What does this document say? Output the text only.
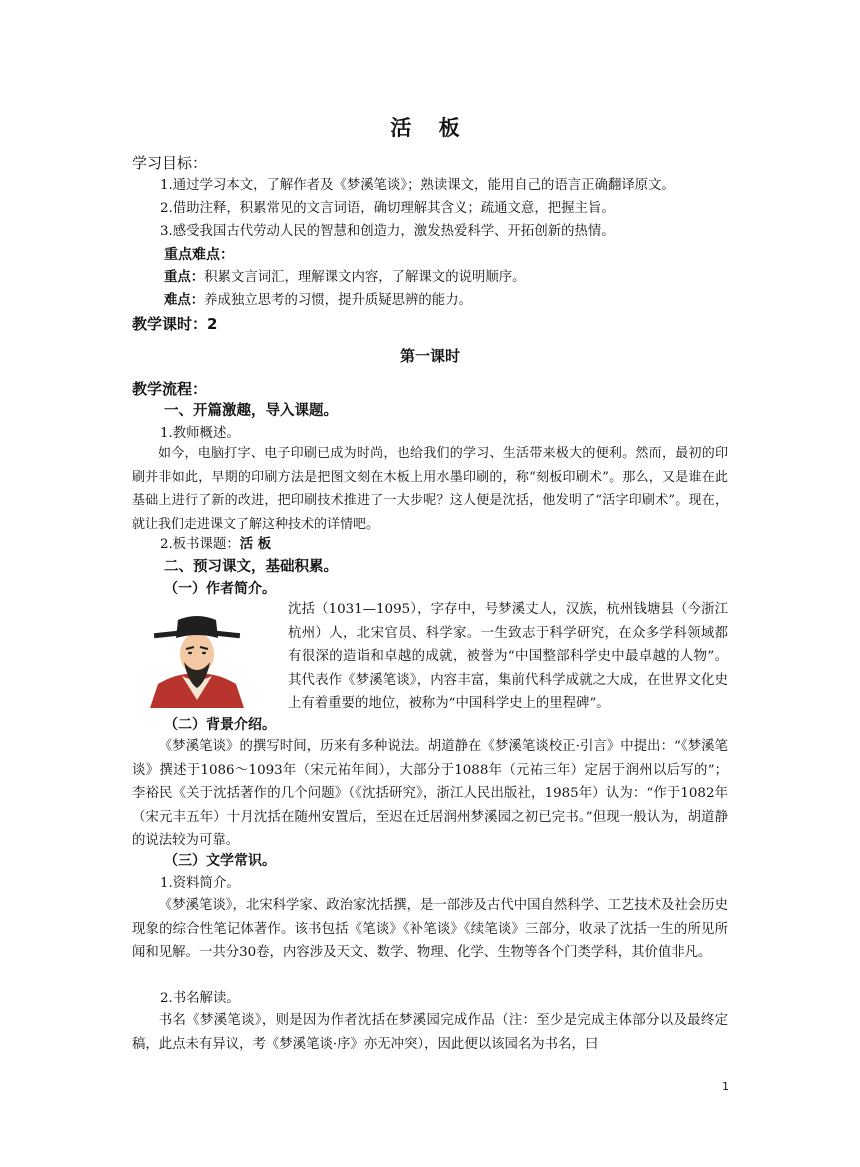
活 板
学习目标：
1.通过学习本文，了解作者及《梦溪笔谈》；熟读课文，能用自己的语言正确翻译原文。
2.借助注释，积累常见的文言词语，确切理解其含义；疏通文意，把握主旨。
3.感受我国古代劳动人民的智慧和创造力，激发热爱科学、开拓创新的热情。
重点难点：
重点：积累文言词汇，理解课文内容，了解课文的说明顺序。
难点：养成独立思考的习惯，提升质疑思辨的能力。
教学课时：2
第一课时
教学流程：
一、开篇激趣，导入课题。
1.教师概述。
如今，电脑打字、电子印刷已成为时尚，也给我们的学习、生活带来极大的便利。然而，最初的印刷并非如此，早期的印刷方法是把图文刻在木板上用水墨印刷的，称“刻板印刷术”。那么，又是谁在此基础上进行了新的改进，把印刷技术推进了一大步呢？这人便是沈括，他发明了“活字印刷术”。现在，就让我们走进课文了解这种技术的详情吧。
2.板书课题：活 板
二、预习课文，基础积累。
（一）作者简介。
沈括（1031—1095），字存中，号梦溪丈人，汉族，杭州钱塘县（今浙江杭州）人，北宋官员、科学家。一生致志于科学研究，在众多学科领域都有很深的造诣和卓越的成就，被誉为“中国整部科学史中最卓越的人物”。其代表作《梦溪笔谈》，内容丰富，集前代科学成就之大成，在世界文化史上有着重要的地位，被称为“中国科学史上的里程碑”。
（二）背景介绍。
《梦溪笔谈》的撰写时间，历来有多种说法。胡道静在《梦溪笔谈校正·引言》中提出：“《梦溪笔谈》撰述于1086～1093年（宋元祐年间），大部分于1088年（元祐三年）定居于润州以后写的”；李裕民《关于沈括著作的几个问题》（《沈括研究》，浙江人民出版社，1985年）认为：“作于1082年（宋元丰五年）十月沈括在随州安置后，至迟在迁居润州梦溪园之初已完书。”但现一般认为，胡道静的说法较为可靠。
（三）文学常识。
1.资料简介。
《梦溪笔谈》，北宋科学家、政治家沈括撰，是一部涉及古代中国自然科学、工艺技术及社会历史现象的综合性笔记体著作。该书包括《笔谈》《补笔谈》《续笔谈》三部分，收录了沈括一生的所见所闻和见解。一共分30卷，内容涉及天文、数学、物理、化学、生物等各个门类学科，其价值非凡。
2.书名解读。
书名《梦溪笔谈》，则是因为作者沈括在梦溪园完成作品（注：至少是完成主体部分以及最终定稿，此点未有异议，考《梦溪笔谈·序》亦无冲突），因此便以该园名为书名，曰
1
